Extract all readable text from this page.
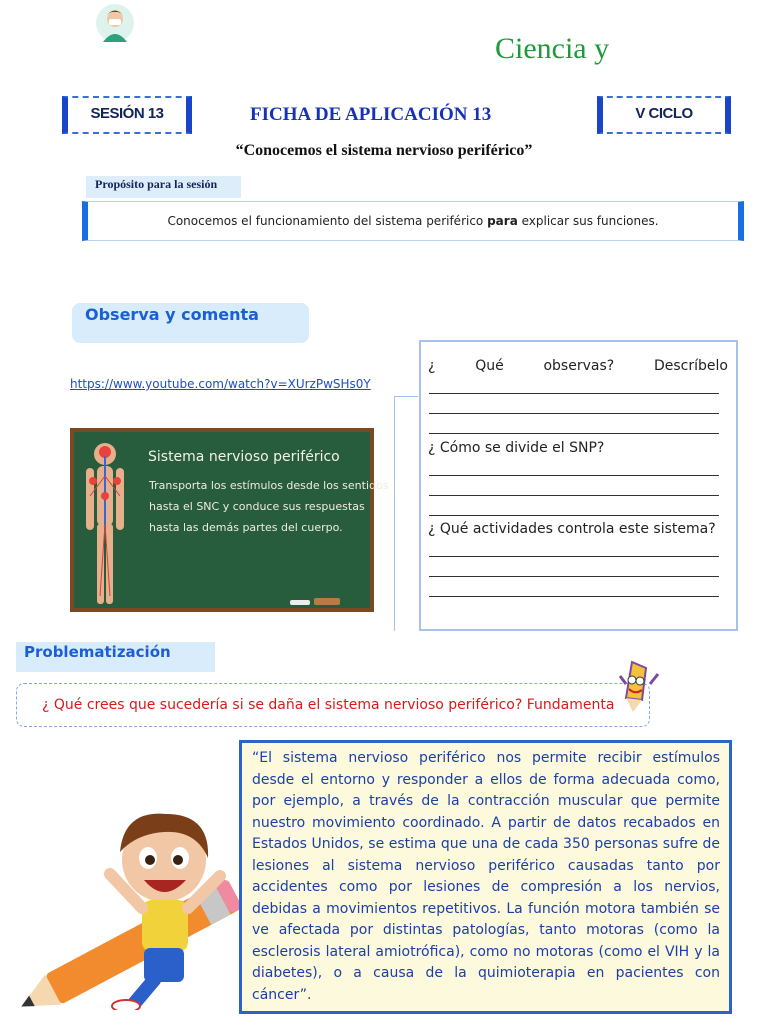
Ciencia y
SESIÓN 13	FICHA DE APLICACIÓN 13	V CICLO
“Conocemos el sistema nervioso periférico”
Propósito para la sesión
Conocemos el funcionamiento del sistema periférico para explicar sus funciones.
Observa y comenta
https://www.youtube.com/watch?v=XUrzPwSHs0Y
Sistema nervioso periférico
Transporta los estímulos desde los sentidos
hasta el SNC y conduce sus respuestas
hasta las demás partes del cuerpo.
¿	Qué	observas?	Descríbelo
¿ Cómo se divide el SNP?
¿ Qué actividades controla este sistema?
Problematización
¿ Qué crees que sucedería si se daña el sistema nervioso periférico? Fundamenta
“El sistema nervioso periférico nos permite recibir estímulos desde el entorno y responder a ellos de forma adecuada como, por ejemplo, a través de la contracción muscular que permite nuestro movimiento coordinado. A partir de datos recabados en Estados Unidos, se estima que una de cada 350 personas sufre de lesiones al sistema nervioso periférico causadas tanto por accidentes como por lesiones de compresión a los nervios, debidas a movimientos repetitivos. La función motora también se ve afectada por distintas patologías, tanto motoras (como la esclerosis lateral amiotrófica), como no motoras (como el VIH y la diabetes), o a causa de la quimioterapia en pacientes con cáncer”.
